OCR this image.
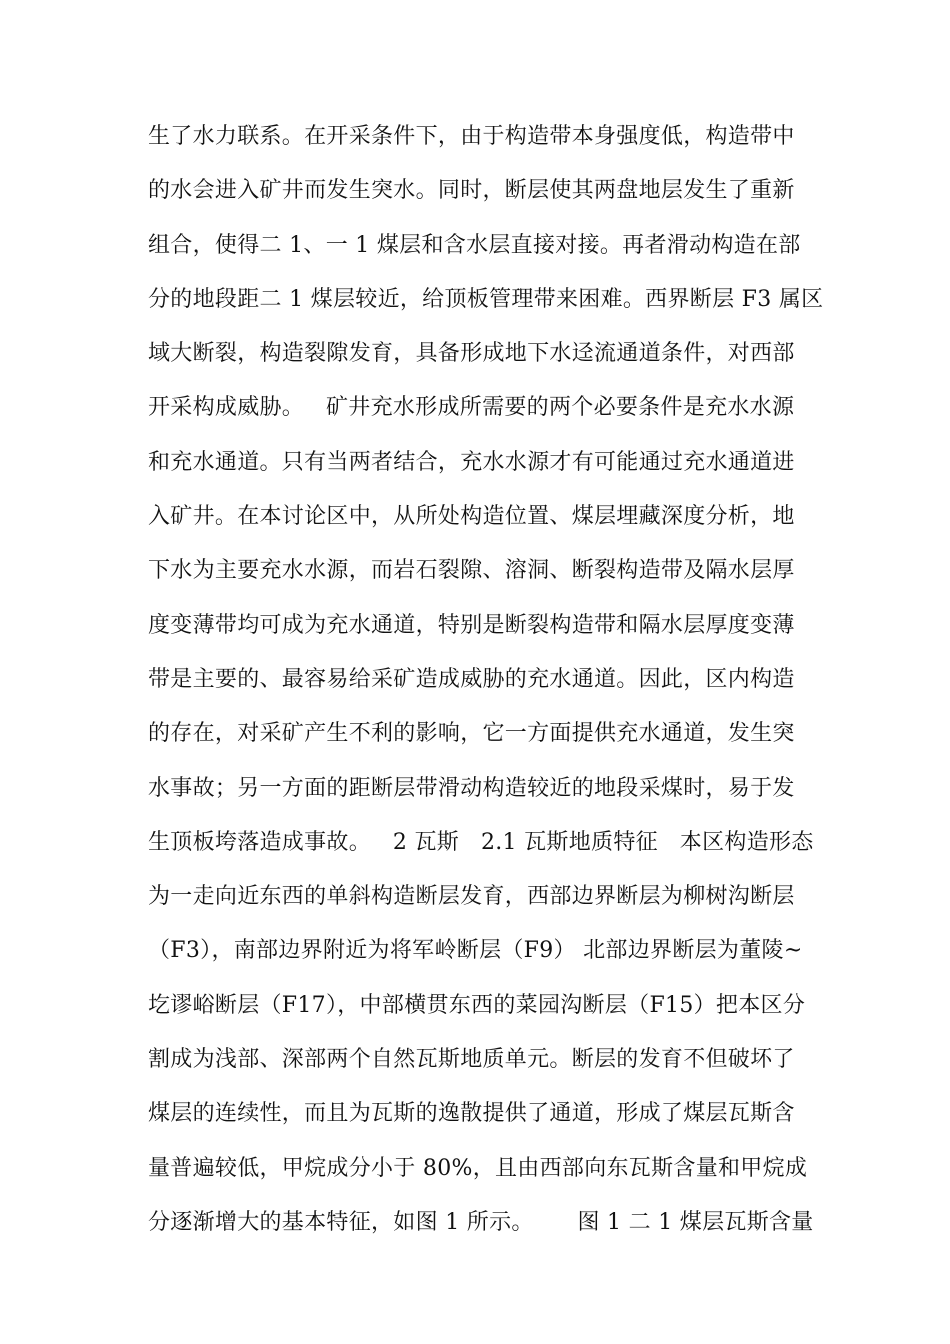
生了水力联系。在开采条件下，由于构造带本身强度低，构造带中
的水会进入矿井而发生突水。同时，断层使其两盘地层发生了重新
组合，使得二 1、一 1 煤层和含水层直接对接。再者滑动构造在部
分的地段距二 1 煤层较近，给顶板管理带来困难。西界断层 F3 属区
域大断裂，构造裂隙发育，具备形成地下水迳流通道条件，对西部
开采构成威胁。   矿井充水形成所需要的两个必要条件是充水水源
和充水通道。只有当两者结合，充水水源才有可能通过充水通道进
入矿井。在本讨论区中，从所处构造位置、煤层埋藏深度分析，地
下水为主要充水水源，而岩石裂隙、溶洞、断裂构造带及隔水层厚
度变薄带均可成为充水通道，特别是断裂构造带和隔水层厚度变薄
带是主要的、最容易给采矿造成威胁的充水通道。因此，区内构造
的存在，对采矿产生不利的影响，它一方面提供充水通道，发生突
水事故；另一方面的距断层带滑动构造较近的地段采煤时，易于发
生顶板垮落造成事故。   2 瓦斯   2.1 瓦斯地质特征   本区构造形态
为一走向近东西的单斜构造断层发育，西部边界断层为柳树沟断层
（F3），南部边界附近为将军岭断层（F9） 北部边界断层为董陵~
圪谬峪断层（F17），中部横贯东西的菜园沟断层（F15）把本区分
割成为浅部、深部两个自然瓦斯地质单元。断层的发育不但破坏了
煤层的连续性，而且为瓦斯的逸散提供了通道，形成了煤层瓦斯含
量普遍较低，甲烷成分小于 80%，且由西部向东瓦斯含量和甲烷成
分逐渐增大的基本特征，如图 1 所示。      图 1 二 1 煤层瓦斯含量
